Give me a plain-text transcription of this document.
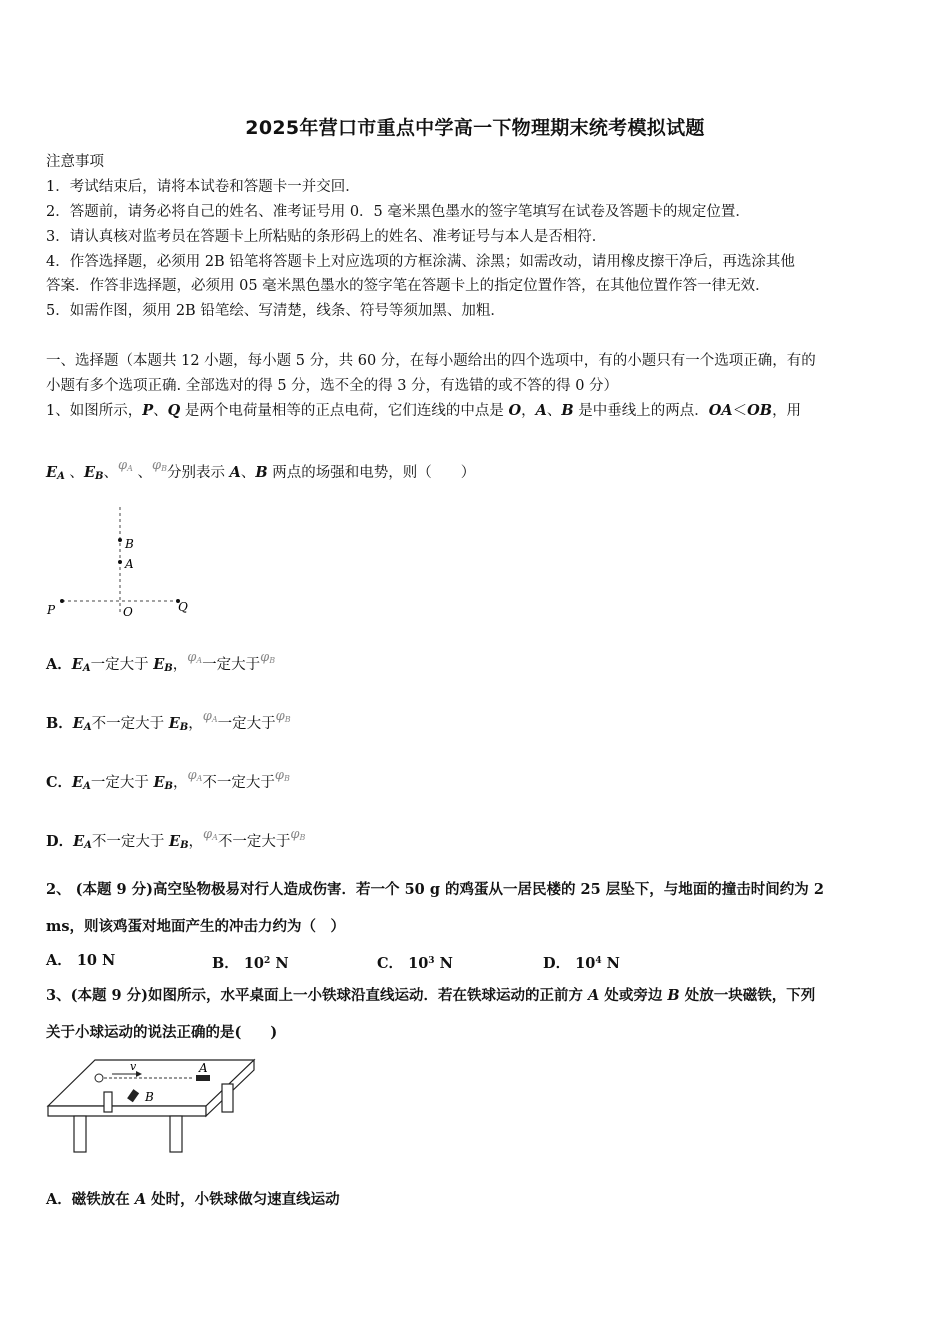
2025年营口市重点中学高一下物理期末统考模拟试题
注意事项
1．考试结束后，请将本试卷和答题卡一并交回．
2．答题前，请务必将自己的姓名、准考证号用 0．5 毫米黑色墨水的签字笔填写在试卷及答题卡的规定位置．
3．请认真核对监考员在答题卡上所粘贴的条形码上的姓名、准考证号与本人是否相符．
4．作答选择题，必须用 2B 铅笔将答题卡上对应选项的方框涂满、涂黑；如需改动，请用橡皮擦干净后，再选涂其他
答案．作答非选择题，必须用 05 毫米黑色墨水的签字笔在答题卡上的指定位置作答，在其他位置作答一律无效．
5．如需作图，须用 2B 铅笔绘、写清楚，线条、符号等须加黑、加粗．
一、选择题（本题共 12 小题，每小题 5 分，共 60 分，在每小题给出的四个选项中，有的小题只有一个选项正确，有的
小题有多个选项正确. 全部选对的得 5 分，选不全的得 3 分，有选错的或不答的得 0 分）
1、如图所示，P、Q 是两个电荷量相等的正点电荷，它们连线的中点是 O，A、B 是中垂线上的两点．OA＜OB，用
$E_A$ 、$E_B$、$\varphi_A$ 、$\varphi_B$分别表示 A、B 两点的场强和电势，则（　　）
B
A
P	O	Q
A．$E_A$一定大于 $E_B$，$\varphi_A$一定大于$\varphi_B$
B．$E_A$不一定大于 $E_B$，$\varphi_A$一定大于$\varphi_B$
C．$E_A$一定大于 $E_B$，$\varphi_A$不一定大于$\varphi_B$
D．$E_A$不一定大于 $E_B$，$\varphi_A$不一定大于$\varphi_B$
2、 (本题 9 分)高空坠物极易对行人造成伤害．若一个 50 g 的鸡蛋从一居民楼的 25 层坠下，与地面的撞击时间约为 2
ms，则该鸡蛋对地面产生的冲击力约为（　）
A． 10 N	B． $10^2$ N	C． $10^3$ N	D． $10^4$ N
3、(本题 9 分)如图所示，水平桌面上一小铁球沿直线运动．若在铁球运动的正前方 A 处或旁边 B 处放一块磁铁，下列
关于小球运动的说法正确的是(　　)
v	A
B
A．磁铁放在 A 处时，小铁球做匀速直线运动
